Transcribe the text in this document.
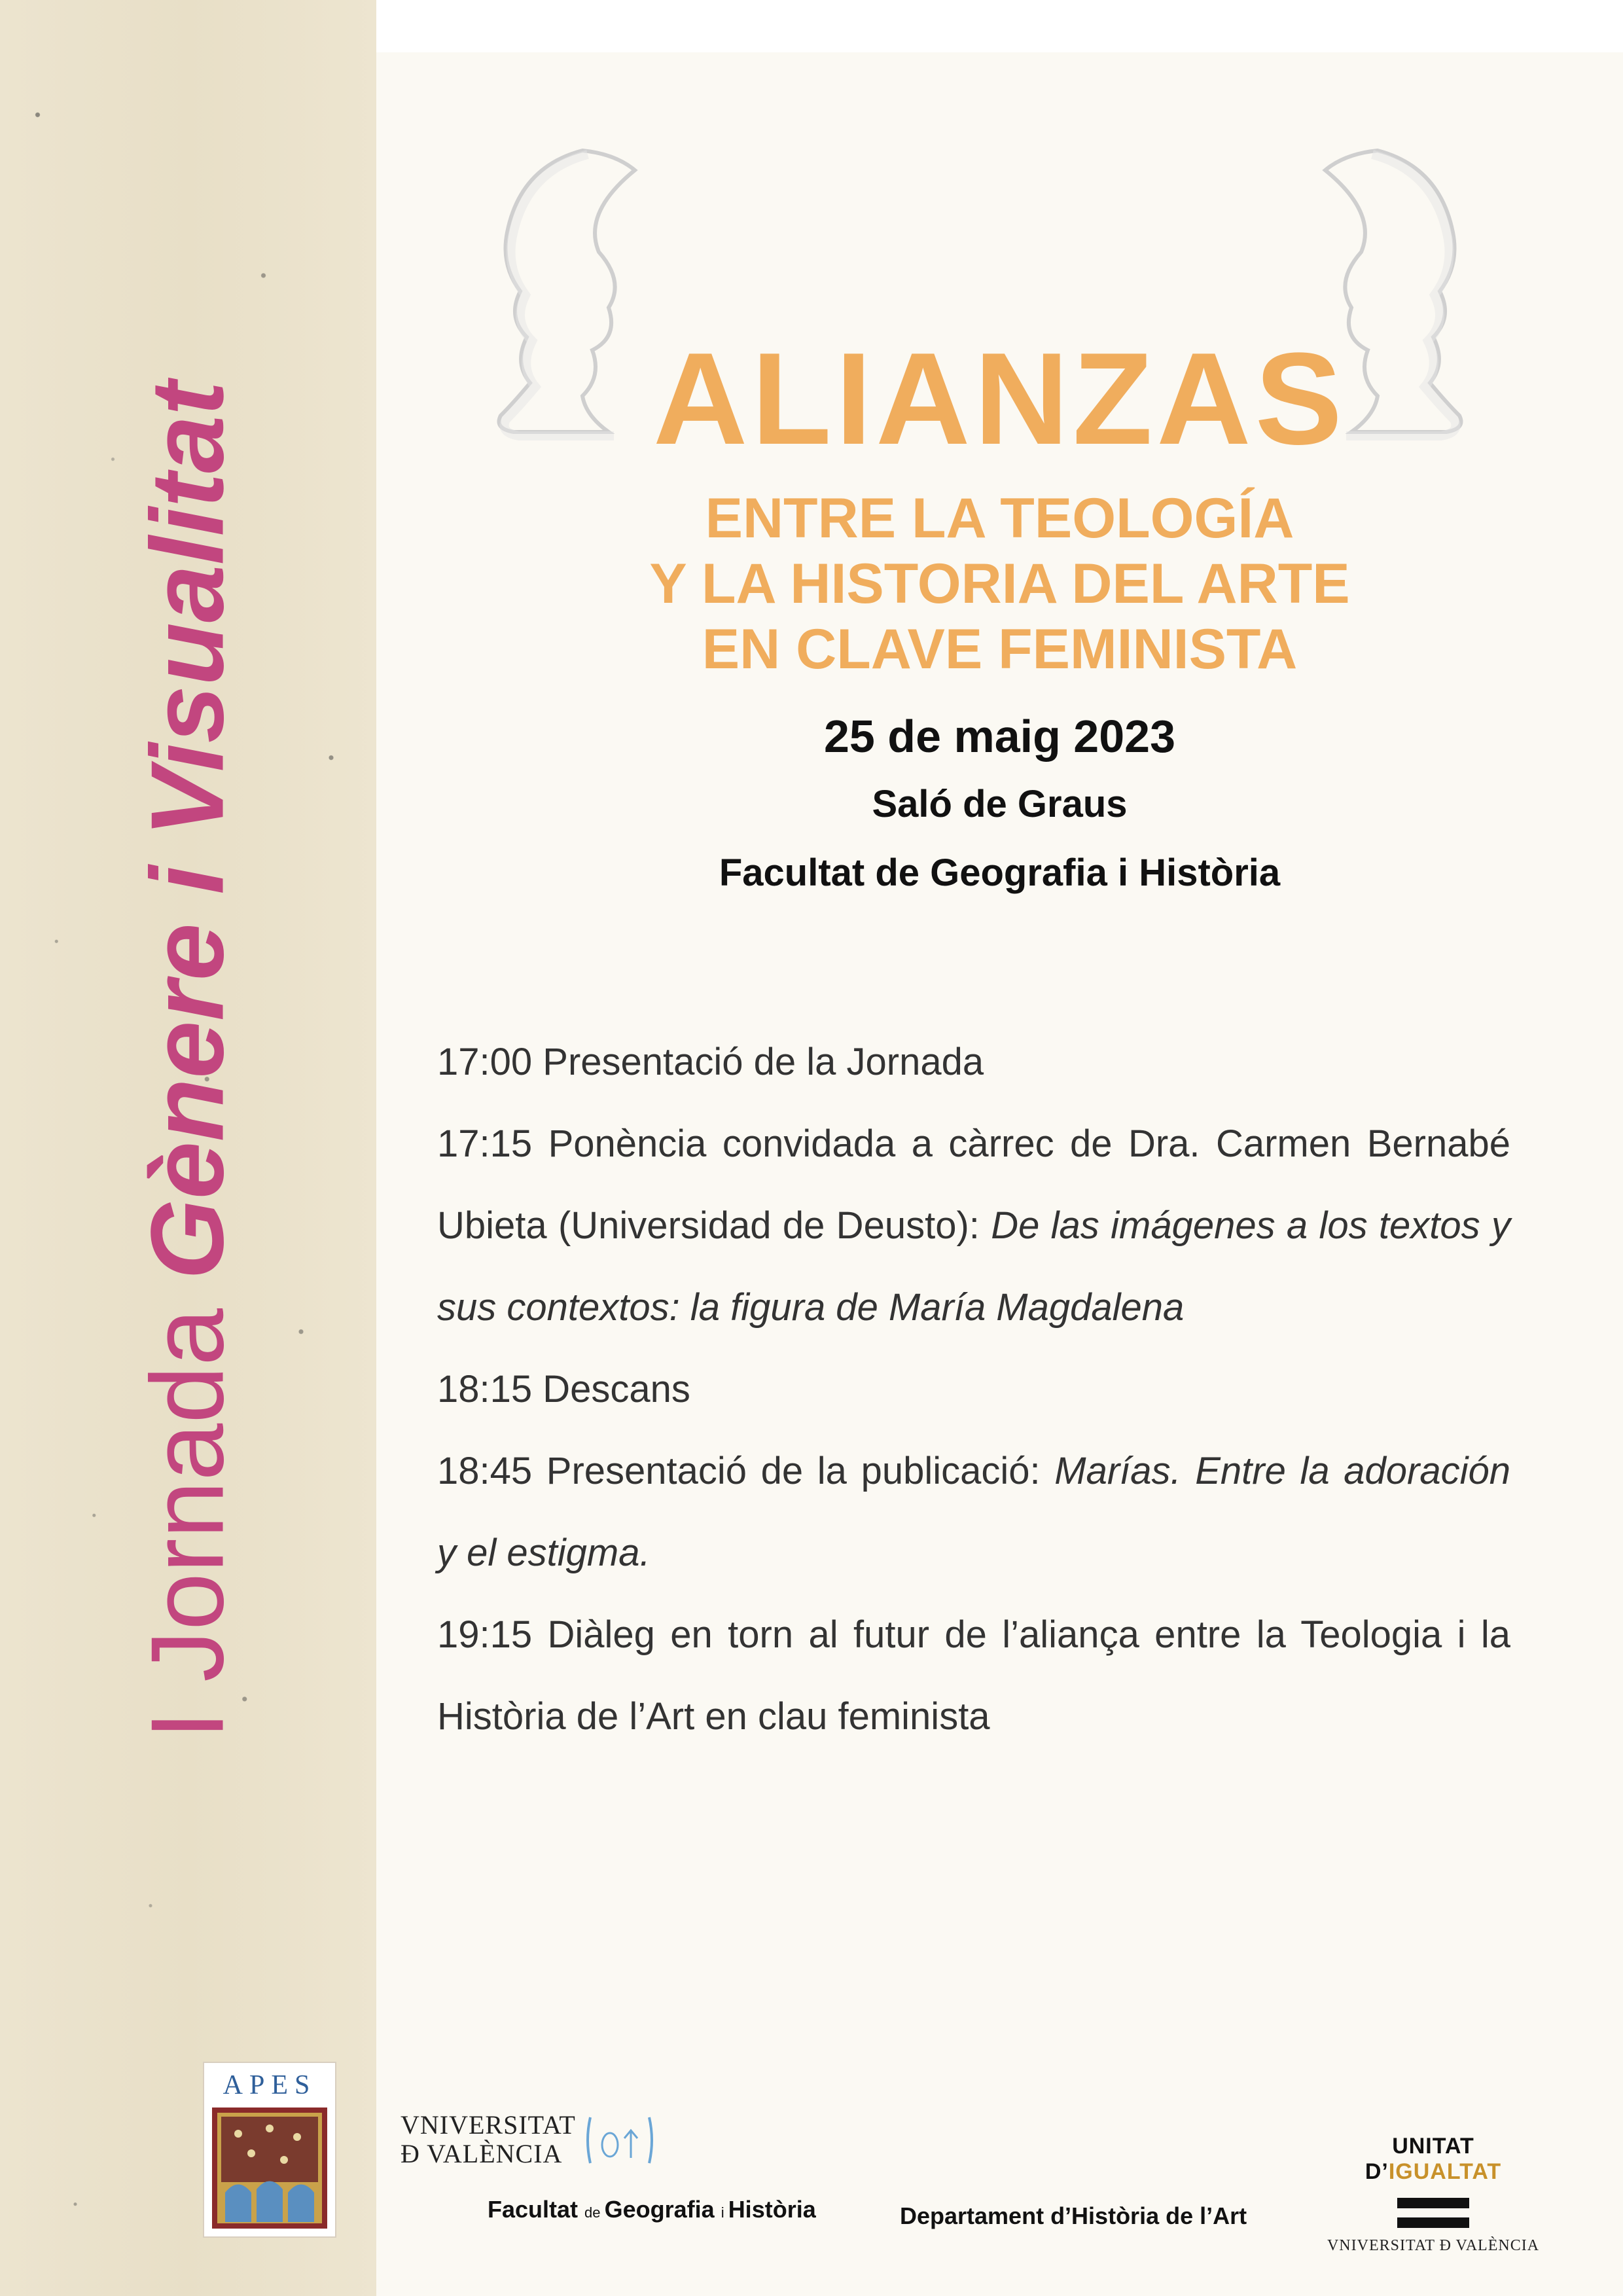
I Jornada Gènere i Visualitat
APES
ALIANZAS
ENTRE LA TEOLOGÍA
Y LA HISTORIA DEL ARTE
EN CLAVE FEMINISTA
25 de maig 2023
Saló de Graus
Facultat de Geografia i Història

17:00 Presentació de la Jornada

17:15 Ponència convidada a càrrec de Dra. Carmen Bernabé Ubieta (Universidad de Deusto): De las imágenes a los textos y sus contextos: la figura de María Magdalena

18:15 Descans

18:45 Presentació de la publicació: Marías. Entre la adoración y el estigma.

19:15 Diàleg en torn al futur de l’aliança entre la Teologia i la Història de l’Art en clau feminista

VNIVERSITAT
Ð VALÈNCIA
Facultat de Geografia i Història	Departament d’Història de l’Art
UNITAT D’IGUALTAT
VNIVERSITAT Ð VALÈNCIA
